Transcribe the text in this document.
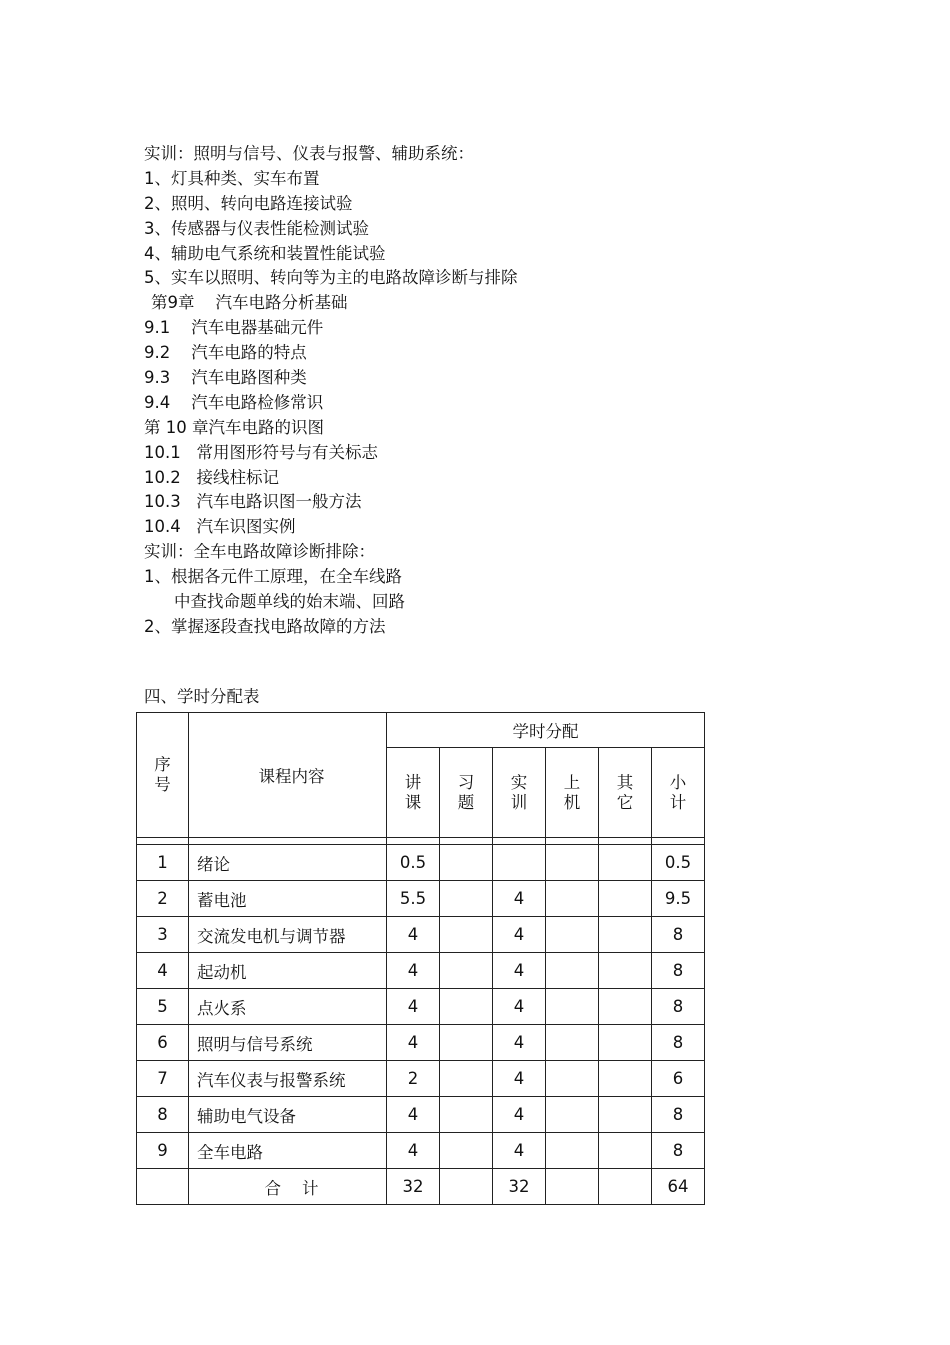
实训：照明与信号、仪表与报警、辅助系统：
1、灯具种类、实车布置
2、照明、转向电路连接试验
3、传感器与仪表性能检测试验
4、辅助电气系统和装置性能试验
5、实车以照明、转向等为主的电路故障诊断与排除
第9章    汽车电路分析基础
9.1    汽车电器基础元件
9.2    汽车电路的特点
9.3    汽车电路图种类
9.4    汽车电路检修常识
第 10 章汽车电路的识图
10.1   常用图形符号与有关标志
10.2   接线柱标记
10.3   汽车电路识图一般方法
10.4   汽车识图实例
实训：全车电路故障诊断排除：
1、根据各元件工原理，在全车线路
中查找命题单线的始末端、回路
2、掌握逐段查找电路故障的方法
四、学时分配表
序号	课程内容	学时分配					
		讲课	习题	实训	上机	其它	小计

1	绪论	0.5					0.5
2	蓄电池	5.5		4			9.5
3	交流发电机与调节器	4		4			8
4	起动机	4		4			8
5	点火系	4		4			8
6	照明与信号系统	4		4			8
7	汽车仪表与报警系统	2		4			6
8	辅助电气设备	4		4			8
9	全车电路	4		4			8
	合    计	32		32			64
